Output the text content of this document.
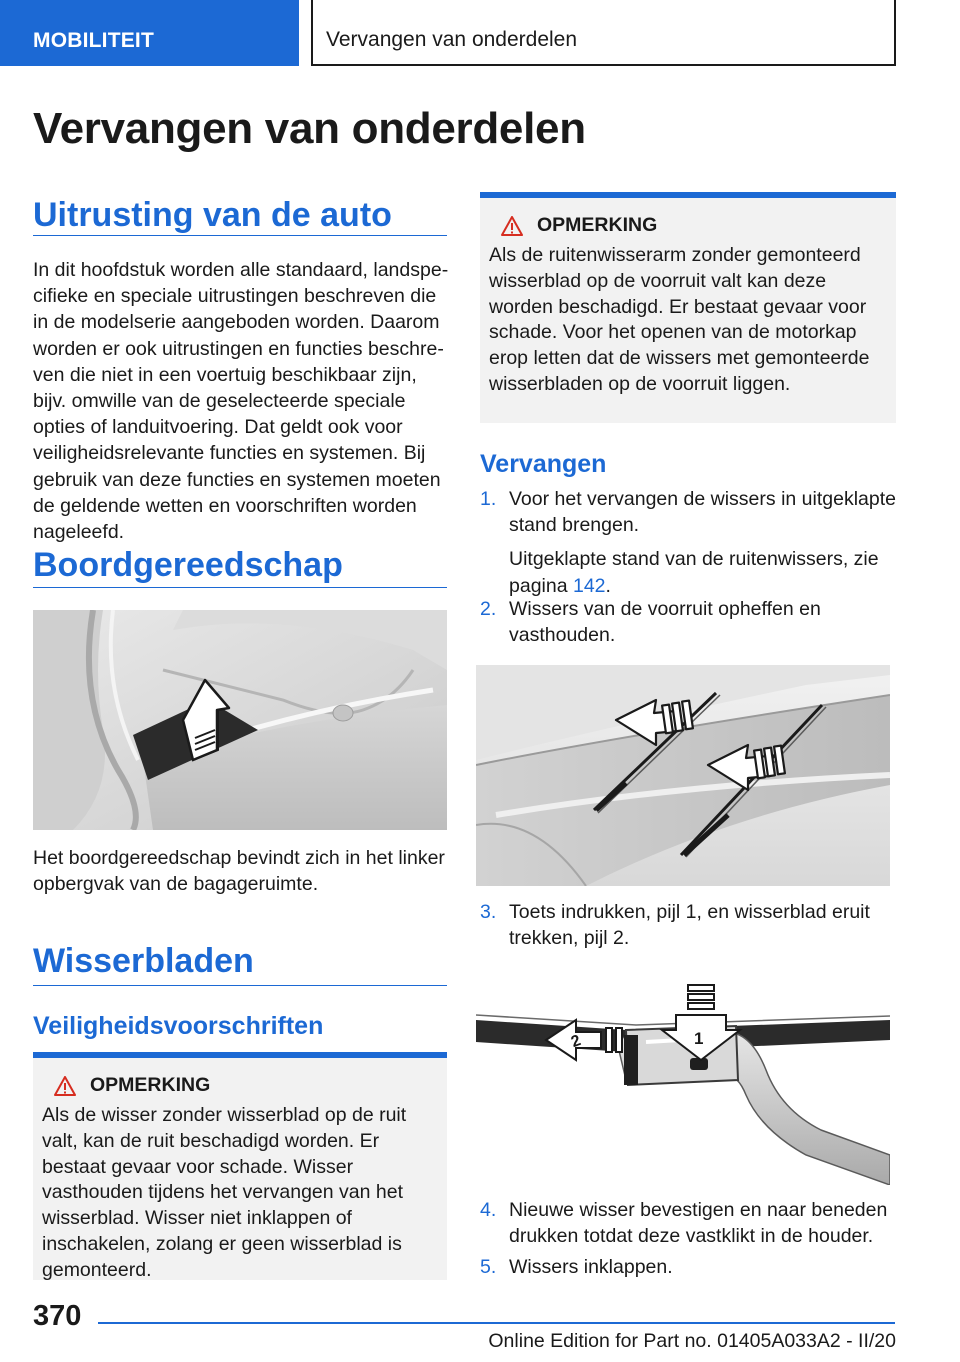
MOBILITEIT	Vervangen van onderdelen
Vervangen van onderdelen
Uitrusting van de auto
In dit hoofdstuk worden alle standaard, landspecifieke en speciale uitrustingen beschreven die in de modelserie aangeboden worden. Daarom worden er ook uitrustingen en functies beschreven die niet in een voertuig beschikbaar zijn, bijv. omwille van de geselecteerde speciale opties of landuitvoering. Dat geldt ook voor veiligheidsrelevante functies en systemen. Bij gebruik van deze functies en systemen moeten de geldende wetten en voorschriften worden nageleefd.
Boordgereedschap
Het boordgereedschap bevindt zich in het linker opbergvak van de bagageruimte.
Wisserbladen
Veiligheidsvoorschriften
OPMERKING
Als de wisser zonder wisserblad op de ruit valt, kan de ruit beschadigd worden. Er bestaat gevaar voor schade. Wisser vasthouden tijdens het vervangen van het wisserblad. Wisser niet inklappen of inschakelen, zolang er geen wisserblad is gemonteerd.
OPMERKING
Als de ruitenwisserarm zonder gemonteerd wisserblad op de voorruit valt kan deze worden beschadigd. Er bestaat gevaar voor schade. Voor het openen van de motorkap erop letten dat de wissers met gemonteerde wisserbladen op de voorruit liggen.
Vervangen
1. Voor het vervangen de wissers in uitgeklapte stand brengen.
Uitgeklapte stand van de ruitenwissers, zie pagina 142.
2. Wissers van de voorruit opheffen en vasthouden.
3. Toets indrukken, pijl 1, en wisserblad eruit trekken, pijl 2.
1
2
4. Nieuwe wisser bevestigen en naar beneden drukken totdat deze vastklikt in de houder.
5. Wissers inklappen.
370
Online Edition for Part no. 01405A033A2 - II/20
